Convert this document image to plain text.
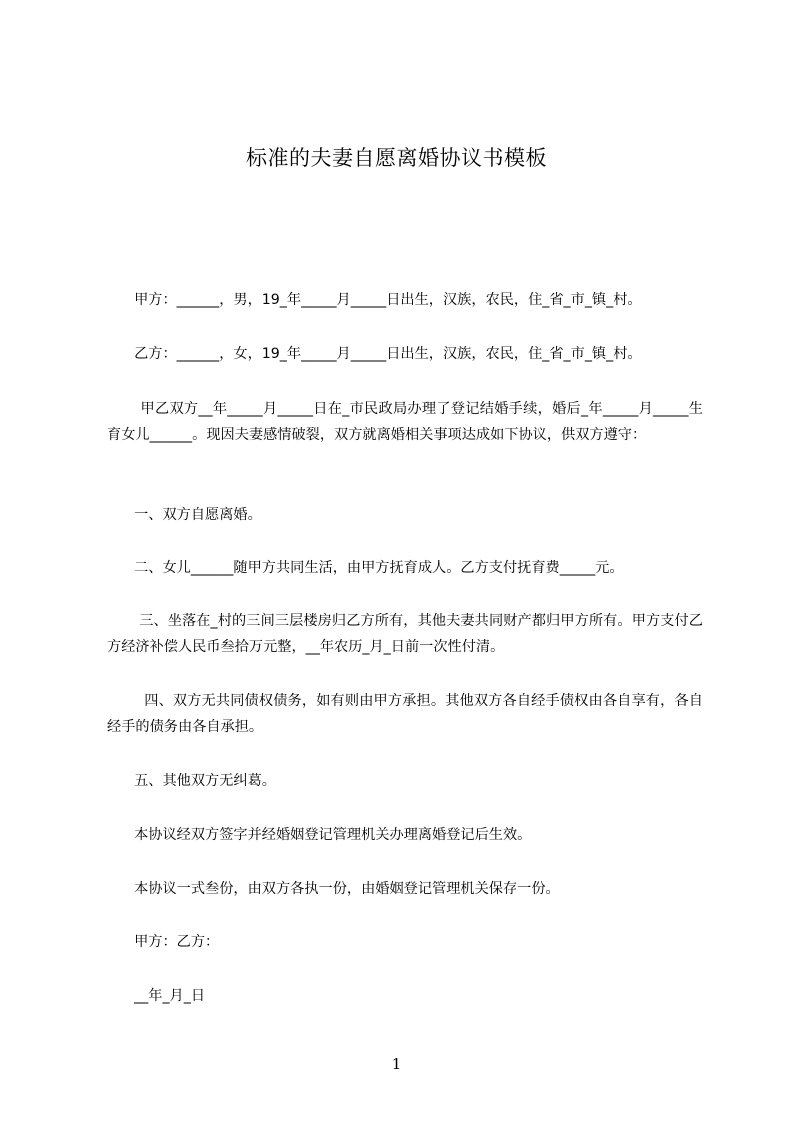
标准的夫妻自愿离婚协议书模板
甲方：______，男，19_年_____月_____日出生，汉族，农民，住_省_市_镇_村。
乙方：______，女，19_年_____月_____日出生，汉族，农民，住_省_市_镇_村。
甲乙双方__年_____月_____日在_市民政局办理了登记结婚手续，婚后_年_____月_____生育女儿______。现因夫妻感情破裂，双方就离婚相关事项达成如下协议，供双方遵守：
一、双方自愿离婚。
二、女儿______随甲方共同生活，由甲方抚育成人。乙方支付抚育费_____元。
三、坐落在_村的三间三层楼房归乙方所有，其他夫妻共同财产都归甲方所有。甲方支付乙方经济补偿人民币叁拾万元整，__年农历_月_日前一次性付清。
四、双方无共同债权债务，如有则由甲方承担。其他双方各自经手债权由各自享有，各自经手的债务由各自承担。
五、其他双方无纠葛。
本协议经双方签字并经婚姻登记管理机关办理离婚登记后生效。
本协议一式叁份，由双方各执一份，由婚姻登记管理机关保存一份。
甲方：乙方：
__年_月_日
1
